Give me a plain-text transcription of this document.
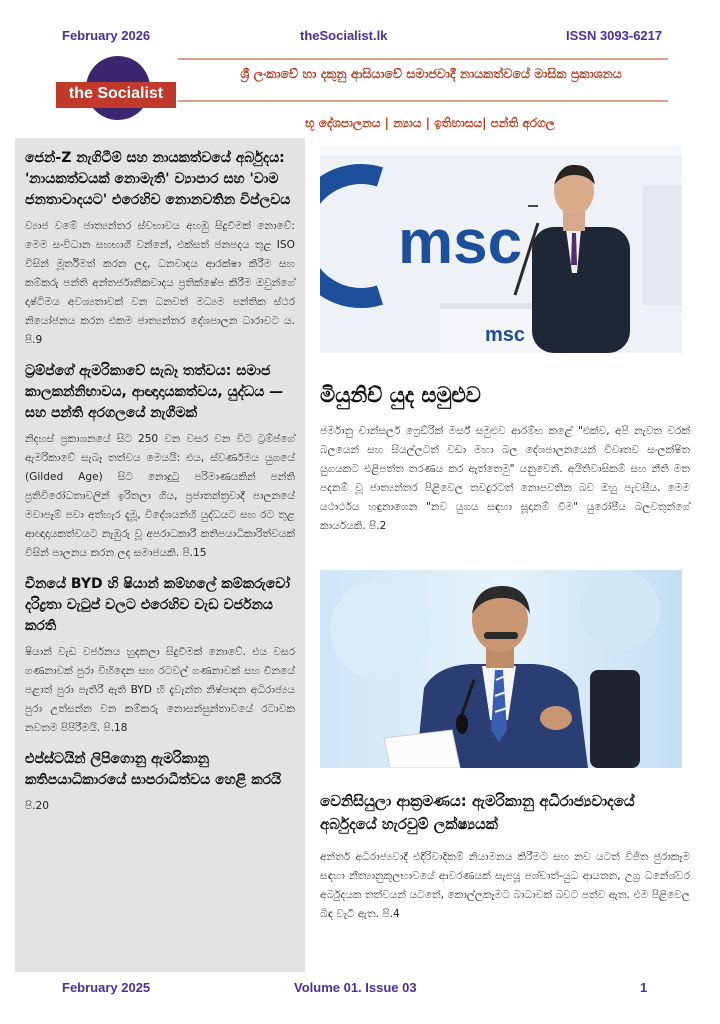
February 2026	theSocialist.lk	ISSN 3093-6217
the Socialist
ශ්‍රී ලංකාවේ හා දකුනු ආසියාවේ සමාජවාදී නායකත්වයේ මාසික ප්‍රකාශනය
භූ දේශපාලනය | න්‍යාය | ඉතිහාසය| පන්ති අරගල
ජෙන්-Z නැගිටීම් සහ නායකත්වයේ අර්බුදය: 'නායකත්වයක් නොමැති' ව්‍යාපාර සහ 'වාම ජනතාවාදයට' එරෙහිව නොනවතින විප්ලවය
ව්‍යාජ වමේ ජාත්‍යන්තර ස්වභාවය අහඹු සිදුවීමක් නොවේ: මෙම සංවිධාන සහභාගී වන්නේ, එක්සත් ජනපදය තුළ ISO විසින් මූර්තිමත් කරන ලද, ධනවාදය ආරක්ෂා කිරීම සහ කම්කරු පන්ති අන්තර්ජාතිකවාදය ප්‍රතික්ෂේප කිරීම ඔවුන්ගේ දෘෂ්ටිමය අවශ්‍යතාවක් වන ධනවත් මධ්‍යම පන්තික ස්ථර නියෝජනය කරන එකම ජාත්‍යන්තර දේශපාලන ධාරාවට ය. පි.9
ට්‍රම්ප්ගේ ඇමරිකාවේ සැබෑ තත්වය: සමාජ කාලකන්නිභාවය, ආඥාදායකත්වය, යුද්ධය —සහ පන්ති අරගලයේ නැගීමක්
නිදහස් ප්‍රකාශනයේ සිට 250 වන වසර වන විට ට්‍රම්ප්ගේ ඇමරිකාවේ සැබෑ තත්වය මෙයයි: එය, ස්වර්ණමය යුගයේ (Gilded Age) සිට නොදුටු පරිමාණයකින් පන්ති ප්‍රතිවිරෝධතාවලින් ඉරිතලා ගිය, ප්‍රජාතන්ත්‍රවාදී පාලනයේ මවාපෑම් පවා අත්හැර දැමූ, විදේශයන්හි යුද්ධයට සහ රට තුළ ආඥාදායකත්වයට නැඹුරු වූ අපරාධකාරී කතිපයාධිකාරිත්වයක් විසින් පාලනය කරන ලද සමාජයකි. පි.15
චීනයේ BYD හි ෂියාන් කම්හලේ කම්කරුවෝ දරිද්‍රතා වැටුප් වලට එරෙහිව වැඩ වර්ජනය කරති
ෂියාන් වැඩ වර්ජනය හුදකලා සිදුවීමක් නොවේ. එය වසර ගණනාවක් පුරා විහිදෙන සහ රටවල් ගණනාවක් සහ චීනයේ පළාත් පුරා පැතිරී ඇති BYD හි දැවැන්ත නිෂ්පාදන අධිරාජ්‍යය පුරා උත්සන්න වන කම්කරු නොසන්සුන්තාවයේ රටාවක නවතම පිපිරීමයි. පි.18
එප්ස්ටයින් ලිපිගොනු ඇමරිකානු කතිපයාධිකාරයේ සාපරාධීත්වය හෙළි කරයි
පි.20
msc
msc
මියුනිච් යුද සමුළුව
ජර්මානු චාන්සලර් ෆ්‍රෙඩ්රික් මර්ස් සමුළුව ආරම්භ කළේ "එක්ව, අපි නැවත වරක් බලයෙන් සහ සියල්ලටත් වඩා මහා බල දේශපාලනයෙන් විවෘතව සංලක්ෂිත යුගයකට එළිපත්ත තරණය කර ඇත්තෙමු" යනුවෙනි. අයිතිවාසිකම් සහ නීති මත පදනම් වූ ජාත්‍යන්තර පිළිවෙල තවදුරටත් නොපවතින බව ඔහු පැවසීය. මෙම යථාර්ථය හඳුනාගෙන "නව යුගය සඳහා සූදානම් වීම" යුරෝපීය බලවතුන්ගේ කාර්යයකි. පි.2
වෙනිසියුලා ආක්‍රමණය: ඇමරිකානු අධිරාජ්‍යවාදයේ අර්බුදයේ හැරවුම් ලක්ෂ්‍යයක්
අන්තර් අධිරාජ්‍යවාදී එදිරිවාදිකම් නියාමනය කිරීමට සහ නව යටත් විජිත ජුරාකෑම සඳහා නීත්‍යානුකූලභාවයේ ආවරණයක් සැපයූ පශ්චාත්-යුධ ආයතන, උග්‍ර ධනේශ්වර අර්බුදයක තත්වයන් යටතේ, කොල්ලකෑමට බාධාවක් බවට පත්ව ඇත. එම පිළිවෙල බිඳ වැටී ඇත. පි.4
February 2025	Volume 01. Issue 03	1
